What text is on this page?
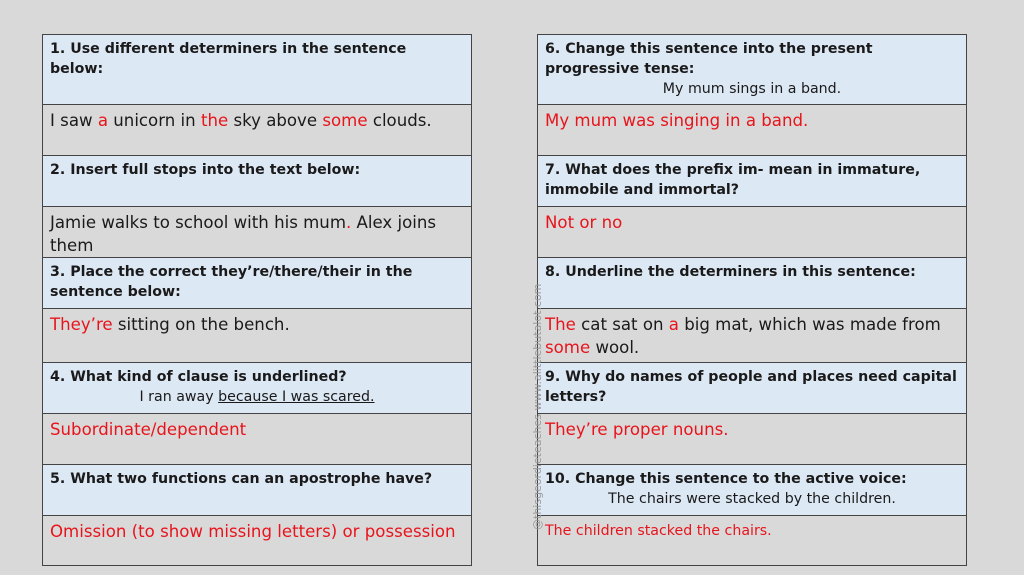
1. Use different determiners in the sentence below:
I saw a unicorn in the sky above some clouds.
2. Insert full stops into the text below:
Jamie walks to school with his mum. Alex joins them
3. Place the correct they’re/there/their in the sentence below:
They’re sitting on the bench.
4. What kind of clause is underlined?
I ran away because I was scared.
Subordinate/dependent
5. What two functions can an apostrophe have?
Omission (to show missing letters) or possession
6. Change this sentence into the present progressive tense:
My mum sings in a band.
My mum was singing in a band.
7. What does the prefix im- mean in immature, immobile and immortal?
Not or no
8. Underline the determiners in this sentence:
The cat sat on a big mat, which was made from some wool.
9. Why do names of people and places need capital letters?
They’re proper nouns.
10. Change this sentence to the active voice:
The chairs were stacked by the children.
The children stacked the chairs.
@thisgeordieteaches www.alittlebutalot.com
